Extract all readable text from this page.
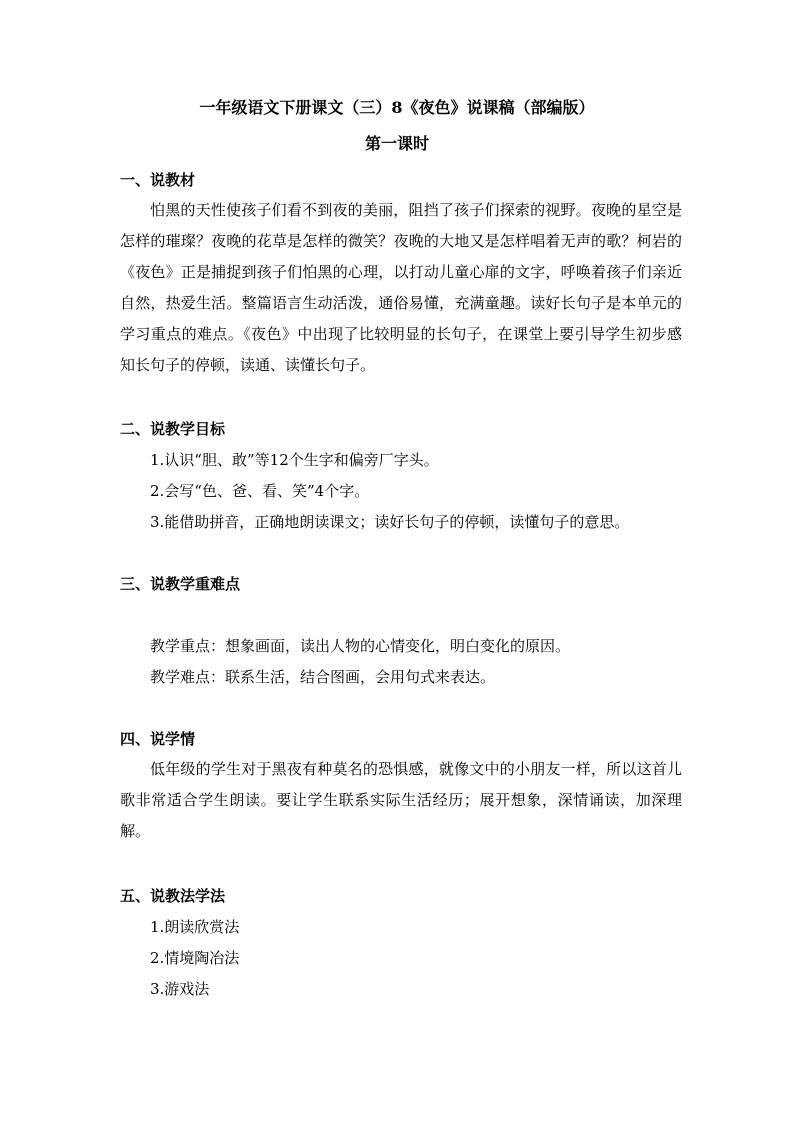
一年级语文下册课文（三）8《夜色》说课稿（部编版）
第一课时
一、说教材

怕黑的天性使孩子们看不到夜的美丽，阻挡了孩子们探索的视野。夜晚的星空是怎样的璀璨？夜晚的花草是怎样的微笑？夜晚的大地又是怎样唱着无声的歌？柯岩的《夜色》正是捕捉到孩子们怕黑的心理，以打动儿童心扉的文字，呼唤着孩子们亲近自然，热爱生活。整篇语言生动活泼，通俗易懂，充满童趣。读好长句子是本单元的学习重点的难点。《夜色》中出现了比较明显的长句子，在课堂上要引导学生初步感知长句子的停顿，读通、读懂长句子。

二、说教学目标
1.认识“胆、敢”等12个生字和偏旁厂字头。
2.会写“色、爸、看、笑”4个字。
3.能借助拼音，正确地朗读课文；读好长句子的停顿，读懂句子的意思。
三、说教学重难点
教学重点：想象画面，读出人物的心情变化，明白变化的原因。
教学难点：联系生活，结合图画，会用句式来表达。
四、说学情

低年级的学生对于黑夜有种莫名的恐惧感，就像文中的小朋友一样，所以这首儿歌非常适合学生朗读。要让学生联系实际生活经历；展开想象，深情诵读，加深理解。

五、说教法学法
1.朗读欣赏法
2.情境陶冶法
3.游戏法
